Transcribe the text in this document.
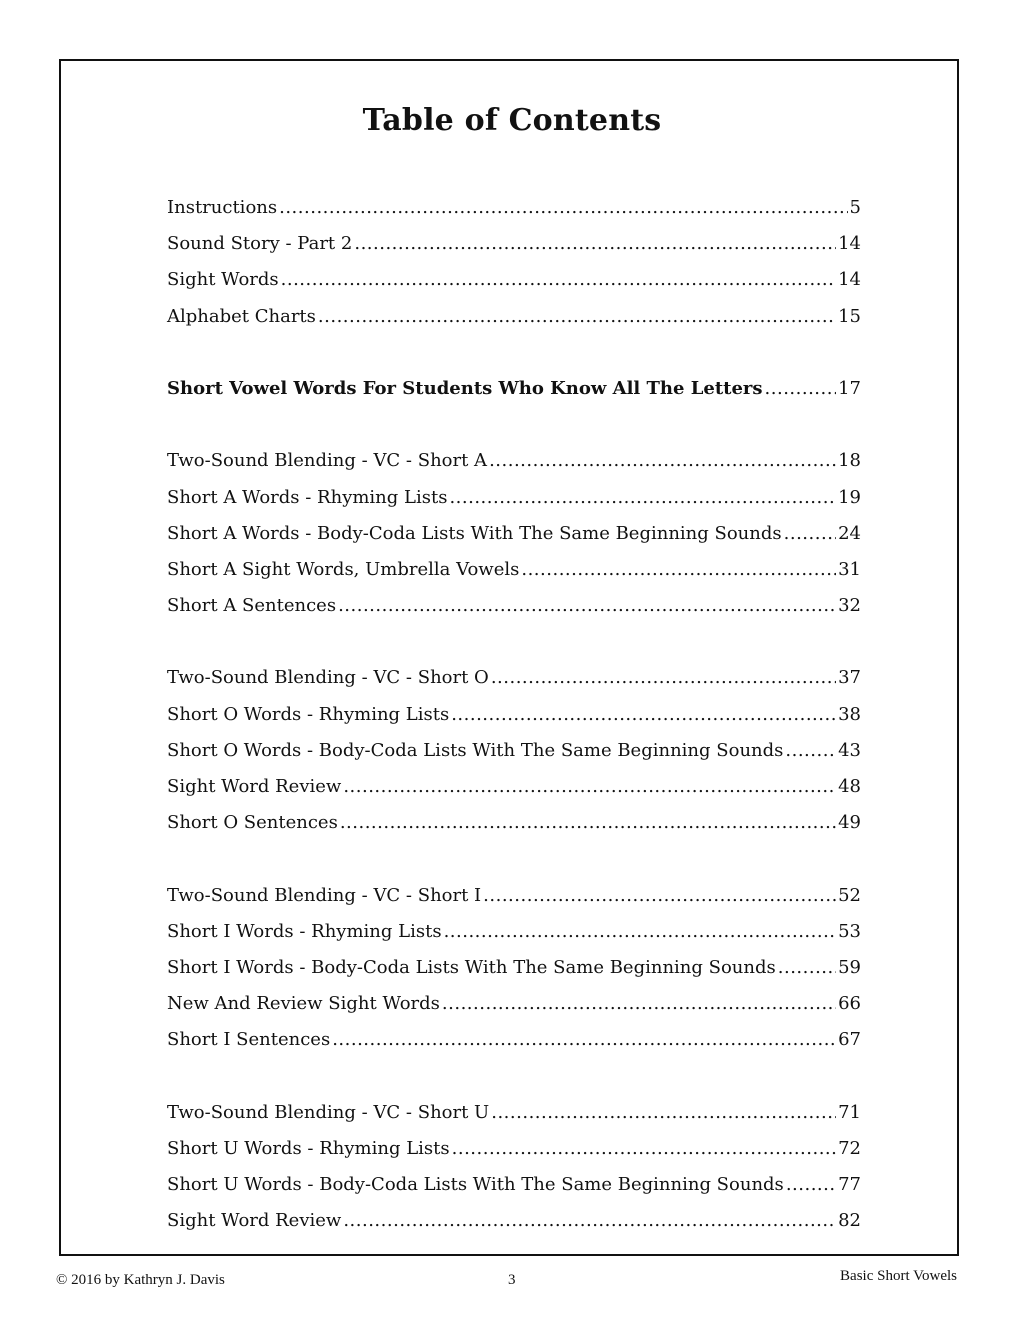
Table of Contents
Instructions .....	5
Sound Story - Part 2 .....	14
Sight Words .....	14
Alphabet Charts .....	15
Short Vowel Words For Students Who Know All The Letters .....	17
Two-Sound Blending - VC - Short A .....	18
Short A Words - Rhyming Lists .....	19
Short A Words - Body-Coda Lists With The Same Beginning Sounds .....	24
Short A Sight Words, Umbrella Vowels .....	31
Short A Sentences .....	32
Two-Sound Blending - VC - Short O .....	37
Short O Words - Rhyming Lists .....	38
Short O Words - Body-Coda Lists With The Same Beginning Sounds .....	43
Sight Word Review .....	48
Short O Sentences .....	49
Two-Sound Blending - VC - Short I .....	52
Short I Words - Rhyming Lists .....	53
Short I Words - Body-Coda Lists With The Same Beginning Sounds .....	59
New And Review Sight Words .....	66
Short I Sentences .....	67
Two-Sound Blending - VC - Short U .....	71
Short U Words - Rhyming Lists .....	72
Short U Words - Body-Coda Lists With The Same Beginning Sounds .....	77
Sight Word Review .....	82
© 2016 by Kathryn J. Davis	3	Basic Short Vowels
